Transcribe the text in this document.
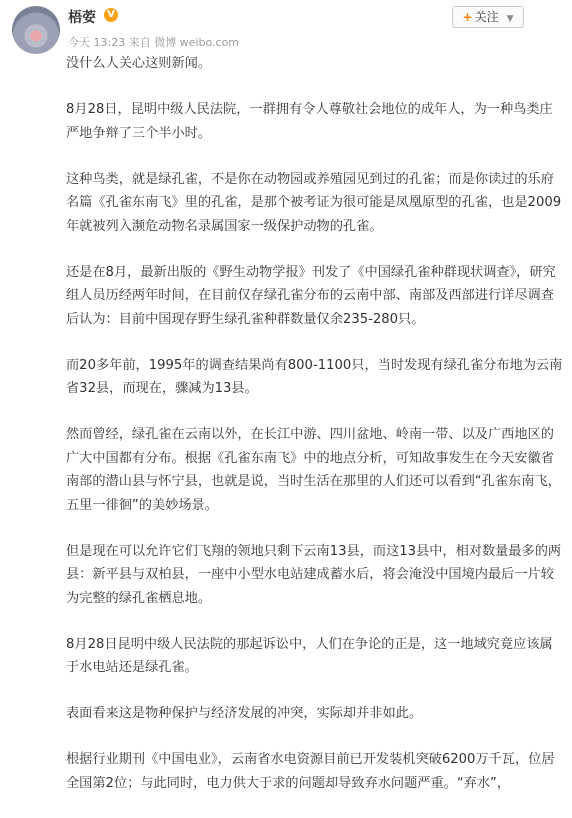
梧荌	V
今天 13:23 来自 微博 weibo.com
+ 关注 ▼

没什么人关心这则新闻。

8月28日，昆明中级人民法院，一群拥有令人尊敬社会地位的成年人，为一种鸟类庄严地争辩了三个半小时。

这种鸟类，就是绿孔雀，不是你在动物园或养殖园见到过的孔雀；而是你读过的乐府名篇《孔雀东南飞》里的孔雀，是那个被考证为很可能是凤凰原型的孔雀，也是2009年就被列入濒危动物名录属国家一级保护动物的孔雀。

还是在8月，最新出版的《野生动物学报》刊发了《中国绿孔雀种群现状调查》，研究组人员历经两年时间，在目前仅存绿孔雀分布的云南中部、南部及西部进行详尽调查后认为：目前中国现存野生绿孔雀种群数量仅余235-280只。

而20多年前，1995年的调查结果尚有800-1100只，当时发现有绿孔雀分布地为云南省32县，而现在，骤减为13县。

然而曾经，绿孔雀在云南以外，在长江中游、四川盆地、岭南一带、以及广西地区的广大中国都有分布。根据《孔雀东南飞》中的地点分析，可知故事发生在今天安徽省南部的潜山县与怀宁县，也就是说，当时生活在那里的人们还可以看到“孔雀东南飞，五里一徘徊”的美妙场景。

但是现在可以允许它们飞翔的领地只剩下云南13县，而这13县中，相对数量最多的两县：新平县与双柏县，一座中小型水电站建成蓄水后，将会淹没中国境内最后一片较为完整的绿孔雀栖息地。

8月28日昆明中级人民法院的那起诉讼中，人们在争论的正是，这一地域究竟应该属于水电站还是绿孔雀。

表面看来这是物种保护与经济发展的冲突，实际却并非如此。

根据行业期刊《中国电业》，云南省水电资源目前已开发装机突破6200万千瓦，位居全国第2位；与此同时，电力供大于求的问题却导致弃水问题严重。“弃水”，
